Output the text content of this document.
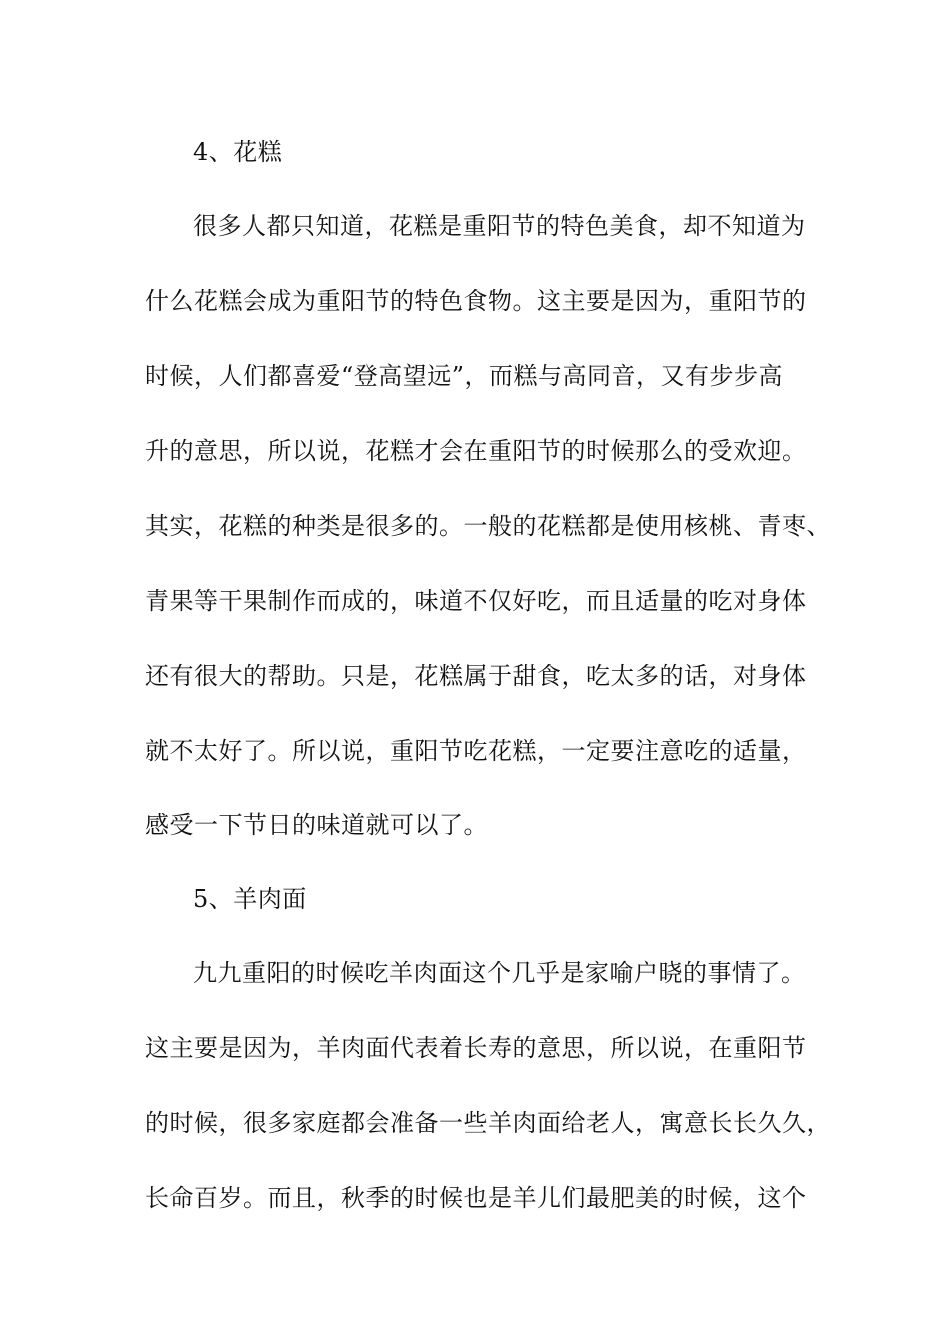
4、花糕
很多人都只知道，花糕是重阳节的特色美食，却不知道为
什么花糕会成为重阳节的特色食物。这主要是因为，重阳节的
时候，人们都喜爱“登高望远”，而糕与高同音，又有步步高
升的意思，所以说，花糕才会在重阳节的时候那么的受欢迎。
其实，花糕的种类是很多的。一般的花糕都是使用核桃、青枣、
青果等干果制作而成的，味道不仅好吃，而且适量的吃对身体
还有很大的帮助。只是，花糕属于甜食，吃太多的话，对身体
就不太好了。所以说，重阳节吃花糕，一定要注意吃的适量，
感受一下节日的味道就可以了。
5、羊肉面
九九重阳的时候吃羊肉面这个几乎是家喻户晓的事情了。
这主要是因为，羊肉面代表着长寿的意思，所以说，在重阳节
的时候，很多家庭都会准备一些羊肉面给老人，寓意长长久久，
长命百岁。而且，秋季的时候也是羊儿们最肥美的时候，这个
